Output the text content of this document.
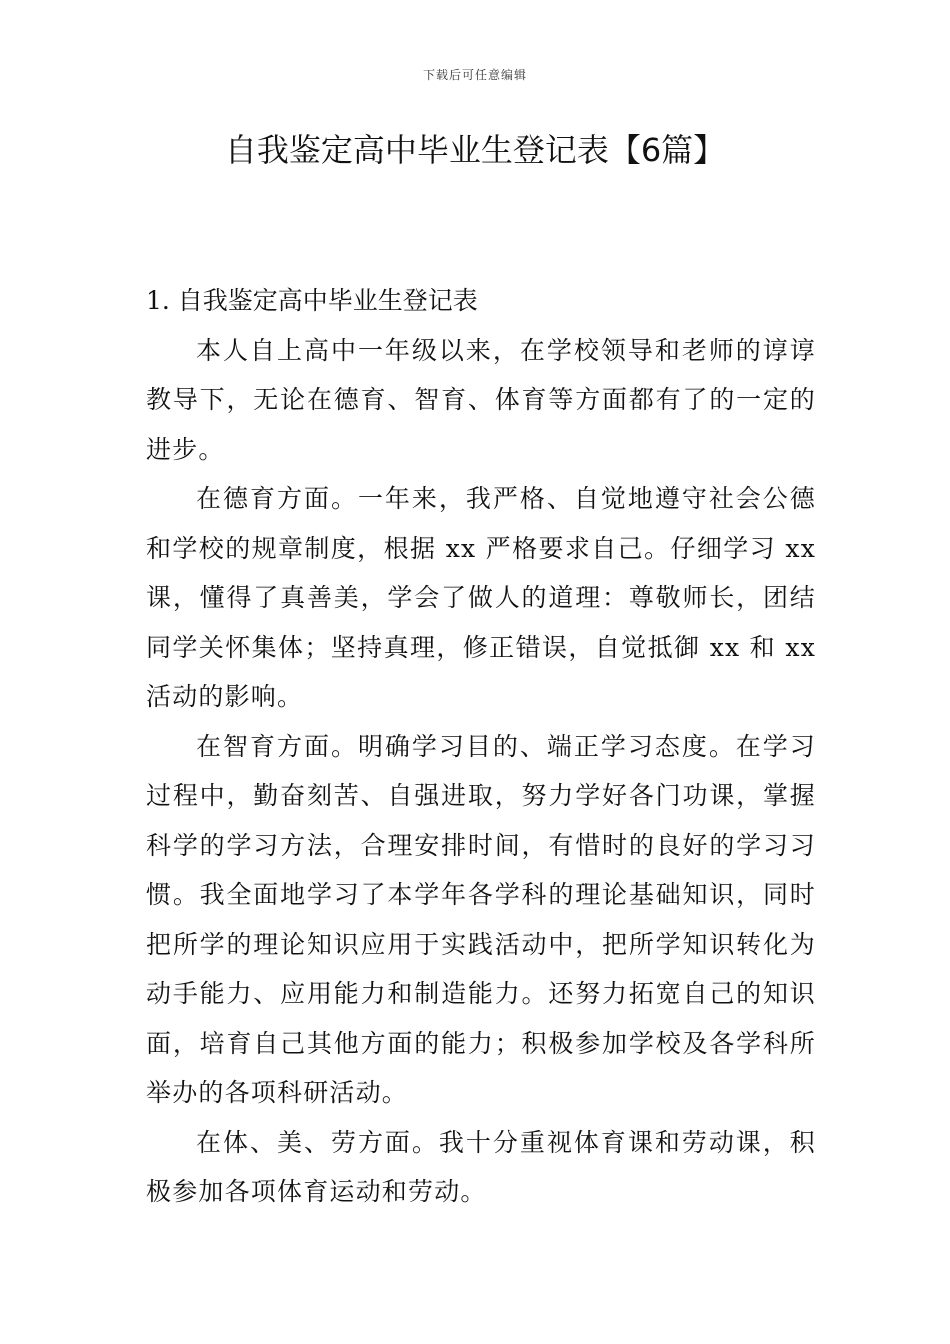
下载后可任意编辑
自我鉴定高中毕业生登记表【6篇】
1. 自我鉴定高中毕业生登记表

本人自上高中一年级以来，在学校领导和老师的谆谆教导下，无论在德育、智育、体育等方面都有了的一定的进步。

在德育方面。一年来，我严格、自觉地遵守社会公德和学校的规章制度，根据 xx 严格要求自己。仔细学习 xx 课，懂得了真善美，学会了做人的道理：尊敬师长，团结同学关怀集体；坚持真理，修正错误，自觉抵御 xx 和 xx 活动的影响。

在智育方面。明确学习目的、端正学习态度。在学习过程中，勤奋刻苦、自强进取，努力学好各门功课，掌握科学的学习方法，合理安排时间，有惜时的良好的学习习惯。我全面地学习了本学年各学科的理论基础知识，同时把所学的理论知识应用于实践活动中，把所学知识转化为动手能力、应用能力和制造能力。还努力拓宽自己的知识面，培育自己其他方面的能力；积极参加学校及各学科所举办的各项科研活动。

在体、美、劳方面。我十分重视体育课和劳动课，积极参加各项体育运动和劳动。
